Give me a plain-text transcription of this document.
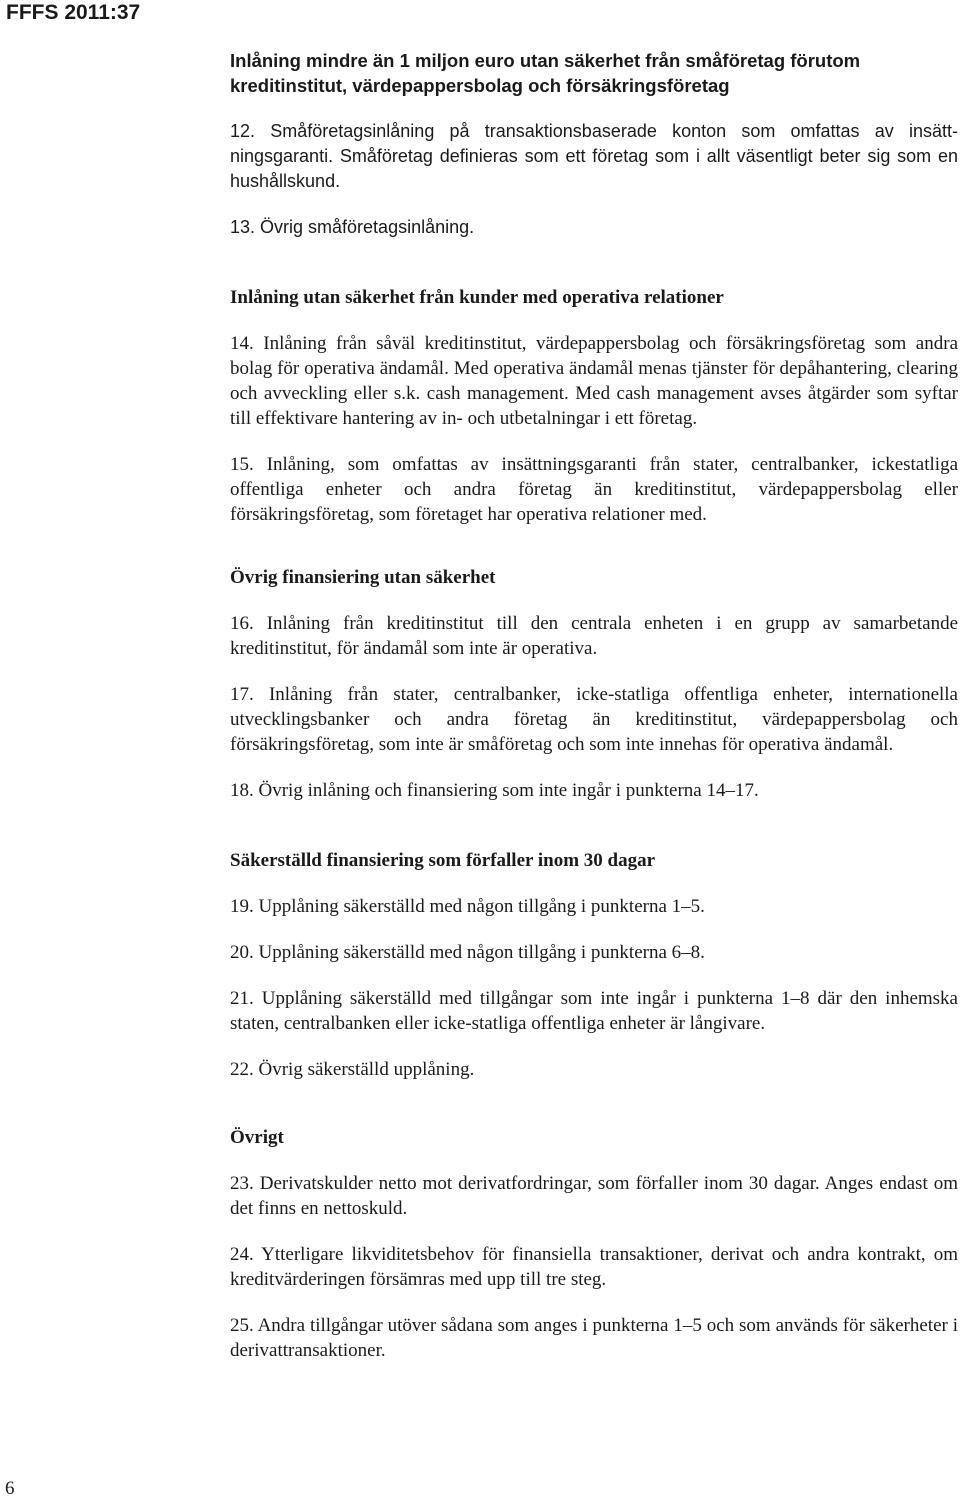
FFFS 2011:37

Inlåning mindre än 1 miljon euro utan säkerhet från småföretag förutom kreditinstitut, värdepappersbolag och försäkringsföretag

12. Småföretagsinlåning på transaktionsbaserade konton som omfattas av insättningsgaranti. Småföretag definieras som ett företag som i allt väsentligt beter sig som en hushållskund.

13. Övrig småföretagsinlåning.

Inlåning utan säkerhet från kunder med operativa relationer

14. Inlåning från såväl kreditinstitut, värdepappersbolag och försäkringsföretag som andra bolag för operativa ändamål. Med operativa ändamål menas tjänster för depåhantering, clearing och avveckling eller s.k. cash management. Med cash management avses åtgärder som syftar till effektivare hantering av in- och utbetalningar i ett företag.

15. Inlåning, som omfattas av insättningsgaranti från stater, centralbanker, ickestatliga offentliga enheter och andra företag än kreditinstitut, värdepappersbolag eller försäkringsföretag, som företaget har operativa relationer med.

Övrig finansiering utan säkerhet

16. Inlåning från kreditinstitut till den centrala enheten i en grupp av samarbetande kreditinstitut, för ändamål som inte är operativa.

17. Inlåning från stater, centralbanker, icke-statliga offentliga enheter, internationella utvecklingsbanker och andra företag än kreditinstitut, värdepappersbolag och försäkringsföretag, som inte är småföretag och som inte innehas för operativa ändamål.

18. Övrig inlåning och finansiering som inte ingår i punkterna 14–17.

Säkerställd finansiering som förfaller inom 30 dagar

19. Upplåning säkerställd med någon tillgång i punkterna 1–5.

20. Upplåning säkerställd med någon tillgång i punkterna 6–8.

21. Upplåning säkerställd med tillgångar som inte ingår i punkterna 1–8 där den inhemska staten, centralbanken eller icke-statliga offentliga enheter är långivare.

22. Övrig säkerställd upplåning.

Övrigt

23. Derivatskulder netto mot derivatfordringar, som förfaller inom 30 dagar. Anges endast om det finns en nettoskuld.

24. Ytterligare likviditetsbehov för finansiella transaktioner, derivat och andra kontrakt, om kreditvärderingen försämras med upp till tre steg.

25. Andra tillgångar utöver sådana som anges i punkterna 1–5 och som används för säkerheter i derivattransaktioner.

6
